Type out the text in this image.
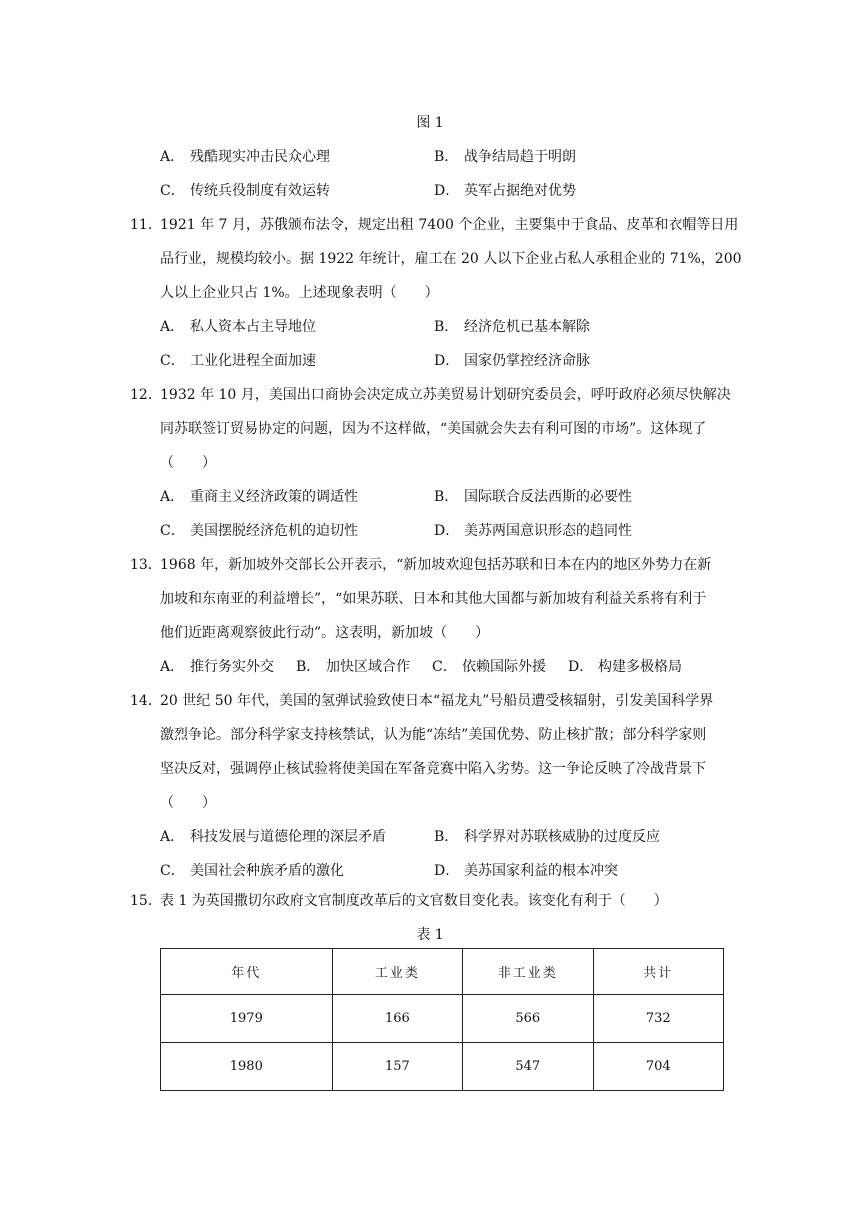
图 1
A． 残酷现实冲击民众心理	B． 战争结局趋于明朗
C． 传统兵役制度有效运转	D． 英军占据绝对优势
11．
1921 年 7 月，苏俄颁布法令，规定出租 7400 个企业，主要集中于食品、皮革和衣帽等日用
品行业，规模均较小。据 1922 年统计，雇工在 20 人以下企业占私人承租企业的 71%，200
人以上企业只占 1%。上述现象表明（　　）
A． 私人资本占主导地位	B． 经济危机已基本解除
C． 工业化进程全面加速	D． 国家仍掌控经济命脉
12．
1932 年 10 月，美国出口商协会决定成立苏美贸易计划研究委员会，呼吁政府必须尽快解决
同苏联签订贸易协定的问题，因为不这样做，“美国就会失去有利可图的市场”。这体现了
（　　）
A． 重商主义经济政策的调适性	B． 国际联合反法西斯的必要性
C． 美国摆脱经济危机的迫切性	D． 美苏两国意识形态的趋同性
13．
1968 年，新加坡外交部长公开表示，“新加坡欢迎包括苏联和日本在内的地区外势力在新
加坡和东南亚的利益增长”，“如果苏联、日本和其他大国都与新加坡有利益关系将有利于
他们近距离观察彼此行动”。这表明，新加坡（　　）
A． 推行务实外交 B． 加快区域合作 C． 依赖国际外援 D． 构建多极格局
14．
20 世纪 50 年代，美国的氢弹试验致使日本“福龙丸”号船员遭受核辐射，引发美国科学界
激烈争论。部分科学家支持核禁试，认为能“冻结”美国优势、防止核扩散；部分科学家则
坚决反对，强调停止核试验将使美国在军备竞赛中陷入劣势。这一争论反映了冷战背景下
（　　）
A． 科技发展与道德伦理的深层矛盾	B． 科学界对苏联核威胁的过度反应
C． 美国社会种族矛盾的激化	D． 美苏国家利益的根本冲突
15．
表 1 为英国撒切尔政府文官制度改革后的文官数目变化表。该变化有利于（　　）
表 1
年代	工业类	非工业类	共计
1979	166	566	732
1980	157	547	704
